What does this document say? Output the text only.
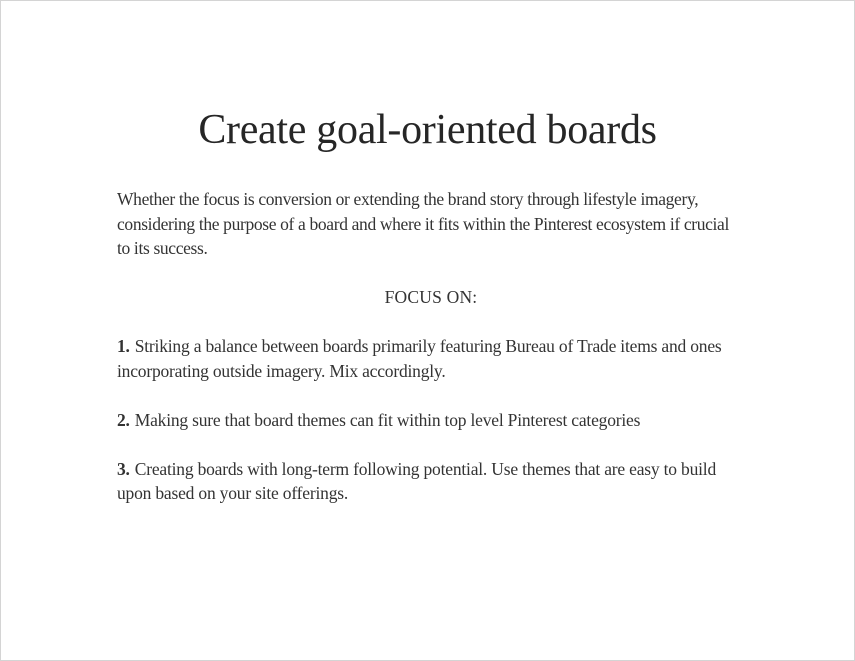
Create goal-oriented boards

Whether the focus is conversion or extending the brand story through lifestyle imagery, considering the purpose of a board and where it fits within the Pinterest ecosystem if crucial to its success.

FOCUS ON:

1. Striking a balance between boards primarily featuring Bureau of Trade items and ones incorporating outside imagery. Mix accordingly.
2. Making sure that board themes can fit within top level Pinterest categories
3. Creating boards with long-term following potential. Use themes that are easy to build upon based on your site offerings.
